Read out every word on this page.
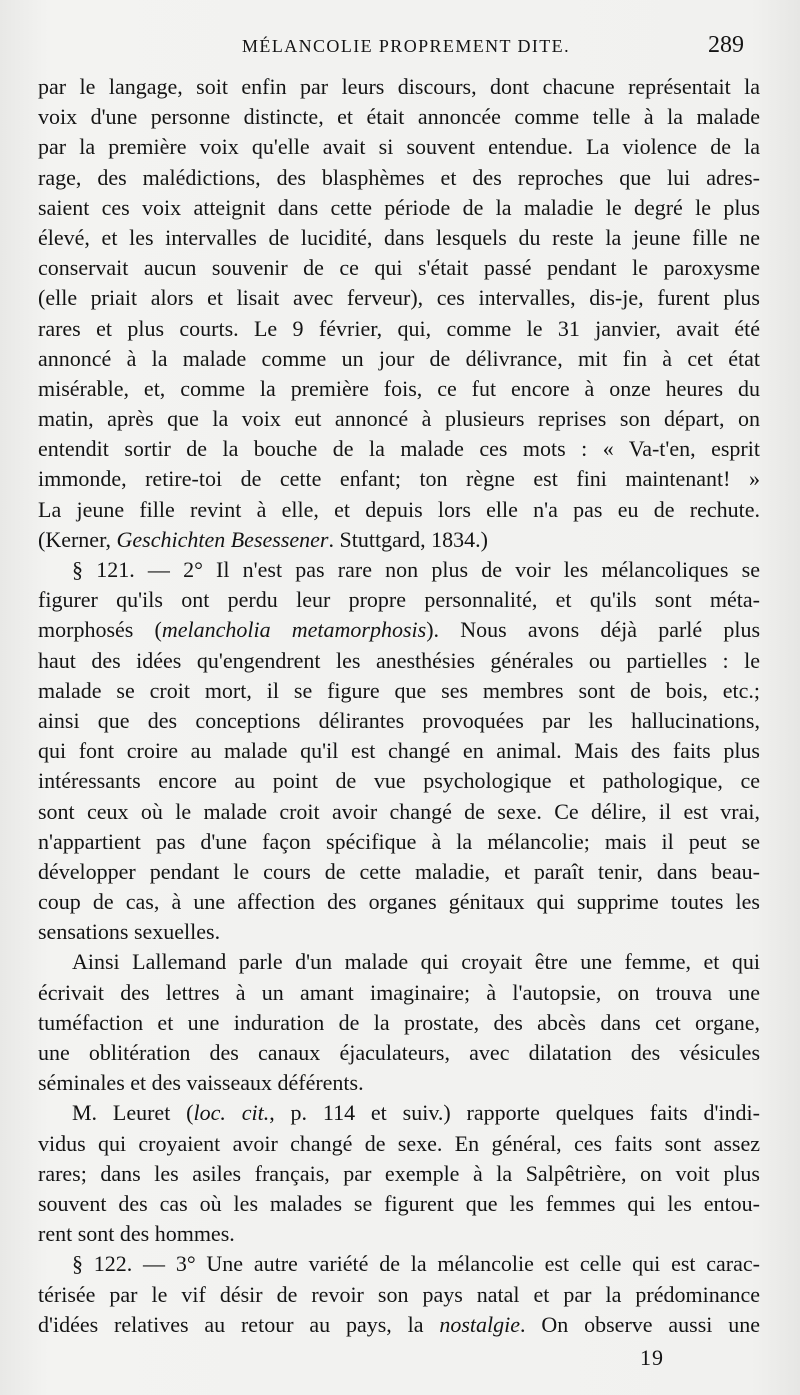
MÉLANCOLIE PROPREMENT DITE.	289
par le langage, soit enfin par leurs discours, dont chacune représentait la
voix d'une personne distincte, et était annoncée comme telle à la malade
par la première voix qu'elle avait si souvent entendue. La violence de la
rage, des malédictions, des blasphèmes et des reproches que lui adres-
saient ces voix atteignit dans cette période de la maladie le degré le plus
élevé, et les intervalles de lucidité, dans lesquels du reste la jeune fille ne
conservait aucun souvenir de ce qui s'était passé pendant le paroxysme
(elle priait alors et lisait avec ferveur), ces intervalles, dis-je, furent plus
rares et plus courts. Le 9 février, qui, comme le 31 janvier, avait été
annoncé à la malade comme un jour de délivrance, mit fin à cet état
misérable, et, comme la première fois, ce fut encore à onze heures du
matin, après que la voix eut annoncé à plusieurs reprises son départ, on
entendit sortir de la bouche de la malade ces mots : « Va-t'en, esprit
immonde, retire-toi de cette enfant; ton règne est fini maintenant! »
La jeune fille revint à elle, et depuis lors elle n'a pas eu de rechute.
(Kerner, Geschichten Besessener. Stuttgard, 1834.)
§ 121. — 2° Il n'est pas rare non plus de voir les mélancoliques se
figurer qu'ils ont perdu leur propre personnalité, et qu'ils sont méta-
morphosés (melancholia metamorphosis). Nous avons déjà parlé plus
haut des idées qu'engendrent les anesthésies générales ou partielles : le
malade se croit mort, il se figure que ses membres sont de bois, etc.;
ainsi que des conceptions délirantes provoquées par les hallucinations,
qui font croire au malade qu'il est changé en animal. Mais des faits plus
intéressants encore au point de vue psychologique et pathologique, ce
sont ceux où le malade croit avoir changé de sexe. Ce délire, il est vrai,
n'appartient pas d'une façon spécifique à la mélancolie; mais il peut se
développer pendant le cours de cette maladie, et paraît tenir, dans beau-
coup de cas, à une affection des organes génitaux qui supprime toutes les
sensations sexuelles.
Ainsi Lallemand parle d'un malade qui croyait être une femme, et qui
écrivait des lettres à un amant imaginaire; à l'autopsie, on trouva une
tuméfaction et une induration de la prostate, des abcès dans cet organe,
une oblitération des canaux éjaculateurs, avec dilatation des vésicules
séminales et des vaisseaux déférents.
M. Leuret (loc. cit., p. 114 et suiv.) rapporte quelques faits d'indi-
vidus qui croyaient avoir changé de sexe. En général, ces faits sont assez
rares; dans les asiles français, par exemple à la Salpêtrière, on voit plus
souvent des cas où les malades se figurent que les femmes qui les entou-
rent sont des hommes.
§ 122. — 3° Une autre variété de la mélancolie est celle qui est carac-
térisée par le vif désir de revoir son pays natal et par la prédominance
d'idées relatives au retour au pays, la nostalgie. On observe aussi une
19
